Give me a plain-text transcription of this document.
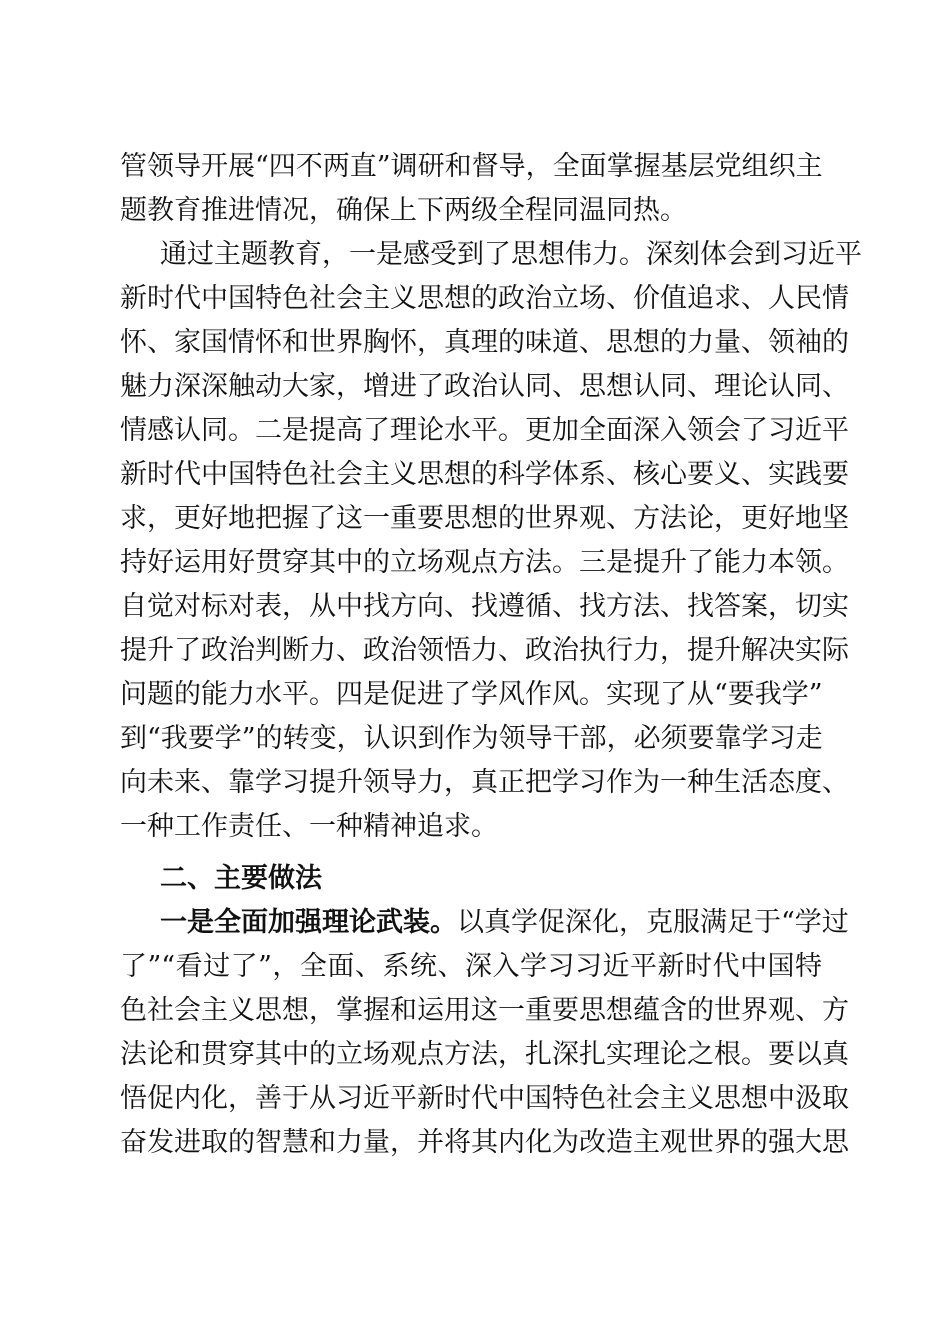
管领导开展“四不两直”调研和督导，全面掌握基层党组织主
题教育推进情况，确保上下两级全程同温同热。
通过主题教育，一是感受到了思想伟力。深刻体会到习近平
新时代中国特色社会主义思想的政治立场、价值追求、人民情
怀、家国情怀和世界胸怀，真理的味道、思想的力量、领袖的
魅力深深触动大家，增进了政治认同、思想认同、理论认同、
情感认同。二是提高了理论水平。更加全面深入领会了习近平
新时代中国特色社会主义思想的科学体系、核心要义、实践要
求，更好地把握了这一重要思想的世界观、方法论，更好地坚
持好运用好贯穿其中的立场观点方法。三是提升了能力本领。
自觉对标对表，从中找方向、找遵循、找方法、找答案，切实
提升了政治判断力、政治领悟力、政治执行力，提升解决实际
问题的能力水平。四是促进了学风作风。实现了从“要我学”
到“我要学”的转变，认识到作为领导干部，必须要靠学习走
向未来、靠学习提升领导力，真正把学习作为一种生活态度、
一种工作责任、一种精神追求。
二、主要做法
一是全面加强理论武装。以真学促深化，克服满足于“学过
了”“看过了”，全面、系统、深入学习习近平新时代中国特
色社会主义思想，掌握和运用这一重要思想蕴含的世界观、方
法论和贯穿其中的立场观点方法，扎深扎实理论之根。要以真
悟促内化，善于从习近平新时代中国特色社会主义思想中汲取
奋发进取的智慧和力量，并将其内化为改造主观世界的强大思
